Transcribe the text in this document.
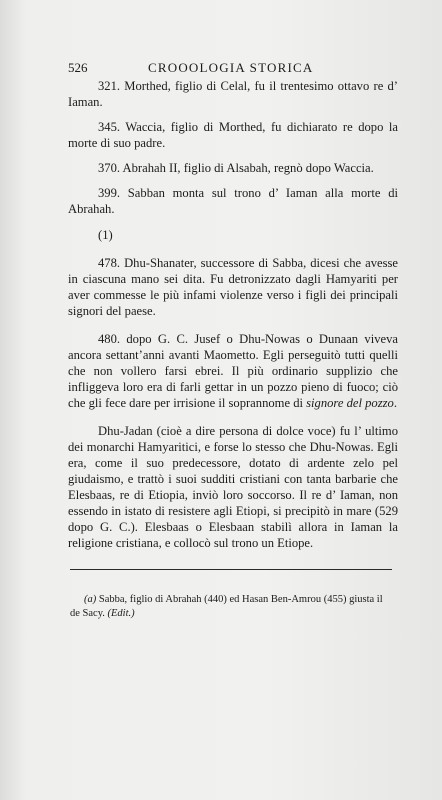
526	CROOOLOGIA STORICA

321. Morthed, figlio di Celal, fu il trentesimo ottavo re d’ Iaman.

345. Waccia, figlio di Morthed, fu dichiarato re dopo la morte di suo padre.

370. Abrahah II, figlio di Alsabah, regnò dopo Waccia.

399. Sabban monta sul trono d’ Iaman alla morte di Abrahah.

(1)

478. Dhu-Shanater, successore di Sabba, dicesi che avesse in ciascuna mano sei dita. Fu detronizzato dagli Hamyariti per aver commesse le più infami violenze verso i figli dei principali signori del paese.

480. dopo G. C. Jusef o Dhu-Nowas o Dunaan viveva ancora settant’anni avanti Maometto. Egli perseguitò tutti quelli che non vollero farsi ebrei. Il più ordinario supplizio che infliggeva loro era di farli gettar in un pozzo pieno di fuoco; ciò che gli fece dare per irrisione il soprannome di signore del pozzo.

Dhu-Jadan (cioè a dire persona di dolce voce) fu l’ ultimo dei monarchi Hamyaritici, e forse lo stesso che Dhu-Nowas. Egli era, come il suo predecessore, dotato di ardente zelo pel giudaismo, e trattò i suoi sudditi cristiani con tanta barbarie che Elesbaas, re di Etiopia, inviò loro soccorso. Il re d’ Iaman, non essendo in istato di resistere agli Etiopi, si precipitò in mare (529 dopo G. C.). Elesbaas o Elesbaan stabilì allora in Iaman la religione cristiana, e collocò sul trono un Etiope.

(a) Sabba, figlio di Abrahah (440) ed Hasan Ben-Amrou (455) giusta il de Sacy. (Edit.)
